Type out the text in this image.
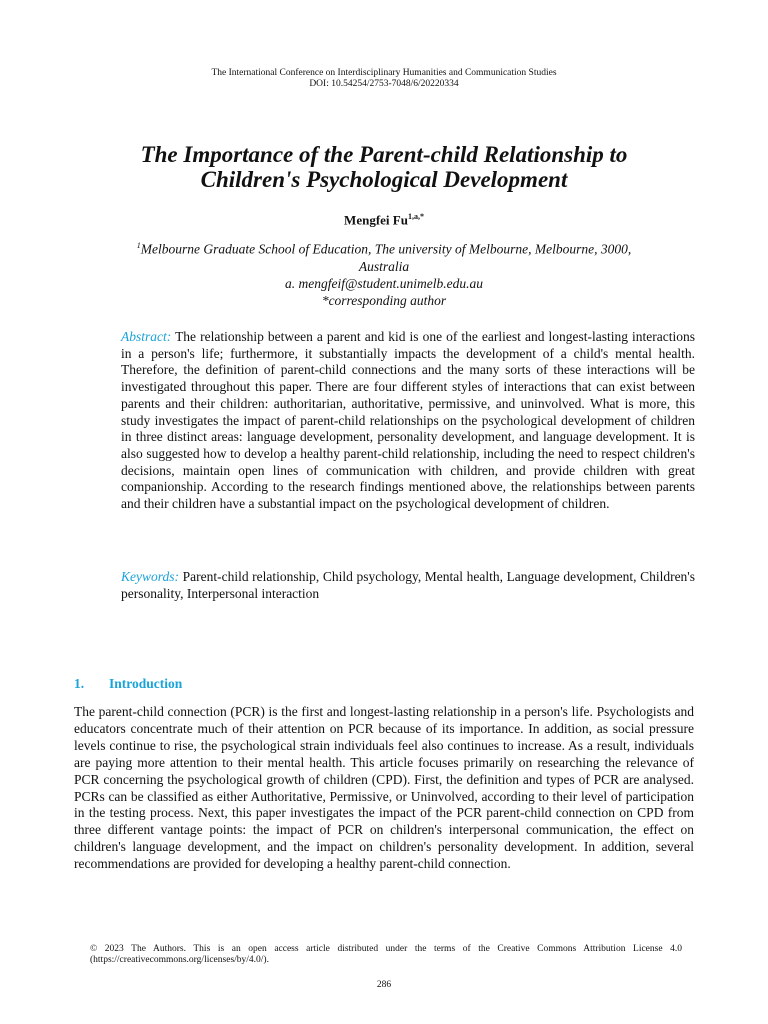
The International Conference on Interdisciplinary Humanities and Communication Studies
DOI: 10.54254/2753-7048/6/20220334
The Importance of the Parent-child Relationship to
Children's Psychological Development
Mengfei $Fu^{1,a,*}$
$^1$Melbourne Graduate School of Education, The university of Melbourne, Melbourne, 3000,
Australia
a. mengfeif@student.unimelb.edu.au
*corresponding author
Abstract: The relationship between a parent and kid is one of the earliest and longest-lasting interactions in a person's life; furthermore, it substantially impacts the development of a child's mental health. Therefore, the definition of parent-child connections and the many sorts of these interactions will be investigated throughout this paper. There are four different styles of interactions that can exist between parents and their children: authoritarian, authoritative, permissive, and uninvolved. What is more, this study investigates the impact of parent-child relationships on the psychological development of children in three distinct areas: language development, personality development, and language development. It is also suggested how to develop a healthy parent-child relationship, including the need to respect children's decisions, maintain open lines of communication with children, and provide children with great companionship. According to the research findings mentioned above, the relationships between parents and their children have a substantial impact on the psychological development of children.
Keywords: Parent-child relationship, Child psychology, Mental health, Language development, Children's personality, Interpersonal interaction
1. Introduction
The parent-child connection (PCR) is the first and longest-lasting relationship in a person's life. Psychologists and educators concentrate much of their attention on PCR because of its importance. In addition, as social pressure levels continue to rise, the psychological strain individuals feel also continues to increase. As a result, individuals are paying more attention to their mental health. This article focuses primarily on researching the relevance of PCR concerning the psychological growth of children (CPD). First, the definition and types of PCR are analysed. PCRs can be classified as either Authoritative, Permissive, or Uninvolved, according to their level of participation in the testing process. Next, this paper investigates the impact of the PCR parent-child connection on CPD from three different vantage points: the impact of PCR on children's interpersonal communication, the effect on children's language development, and the impact on children's personality development. In addition, several recommendations are provided for developing a healthy parent-child connection.
© 2023 The Authors. This is an open access article distributed under the terms of the Creative Commons Attribution License 4.0 (https://creativecommons.org/licenses/by/4.0/).
286
